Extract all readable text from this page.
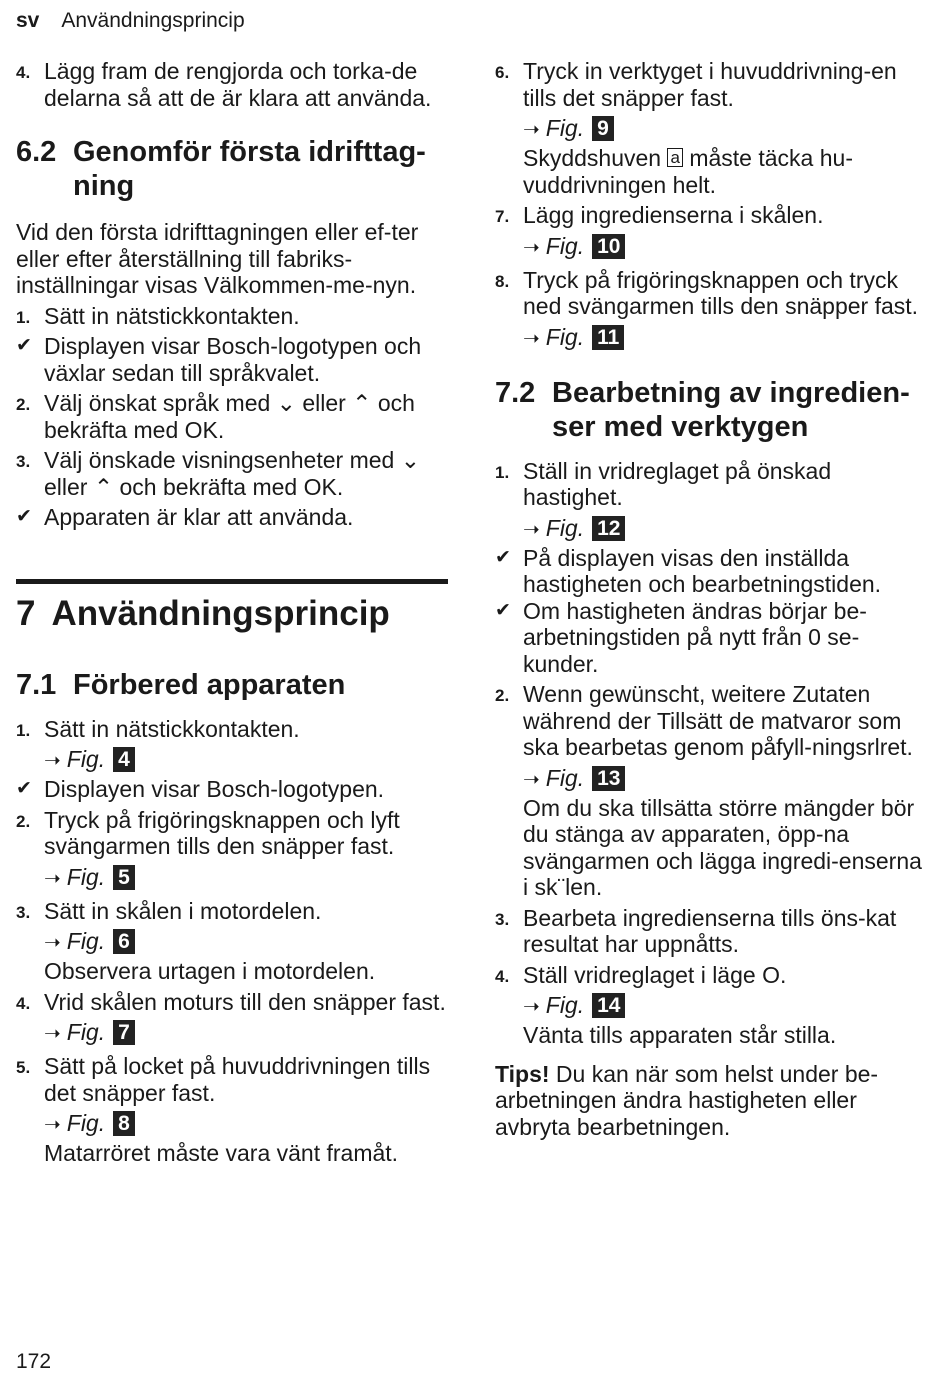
sv Användningsprincip
4. Lägg fram de rengjorda och torka-de delarna så att de är klara att använda.
6.2 Genomför första idrifttag-ning
Vid den första idrifttagningen eller ef-ter eller efter återställning till fabriks-inställningar visas Välkommen-me-nyn.
1. Sätt in nätstickkontakten.
✔ Displayen visar Bosch-logotypen och växlar sedan till språkvalet.
2. Välj önskat språk med ⌄ eller ⌃ och bekräfta med OK.
3. Välj önskade visningsenheter med ⌄ eller ⌃ och bekräfta med OK.
✔ Apparaten är klar att använda.
7 Användningsprincip
7.1 Förbered apparaten
1. Sätt in nätstickkontakten.
➝ Fig. 4
✔ Displayen visar Bosch-logotypen.
2. Tryck på frigöringsknappen och lyft svängarmen tills den snäpper fast.
➝ Fig. 5
3. Sätt in skålen i motordelen.
➝ Fig. 6
Observera urtagen i motordelen.
4. Vrid skålen moturs till den snäpper fast.
➝ Fig. 7
5. Sätt på locket på huvuddrivningen tills det snäpper fast.
➝ Fig. 8
Matarröret måste vara vänt framåt.
6. Tryck in verktyget i huvuddrivning-en tills det snäpper fast.
➝ Fig. 9
Skyddshuven a måste täcka hu-vuddrivningen helt.
7. Lägg ingredienserna i skålen.
➝ Fig. 10
8. Tryck på frigöringsknappen och tryck ned svängarmen tills den snäpper fast.
➝ Fig. 11
7.2 Bearbetning av ingredien-ser med verktygen
1. Ställ in vridreglaget på önskad hastighet.
➝ Fig. 12
✔ På displayen visas den inställda hastigheten och bearbetningstiden.
✔ Om hastigheten ändras börjar be-arbetningstiden på nytt från 0 se-kunder.
2. Wenn gewünscht, weitere Zutaten während der Tillsätt de matvaror som ska bearbetas genom påfyll-ningsrlret.
➝ Fig. 13
Om du ska tillsätta större mängder bör du stänga av apparaten, öpp-na svängarmen och lägga ingredi-enserna i sk¨len.
3. Bearbeta ingredienserna tills öns-kat resultat har uppnåtts.
4. Ställ vridreglaget i läge O.
➝ Fig. 14
Vänta tills apparaten står stilla.
Tips! Du kan när som helst under be-arbetningen ändra hastigheten eller avbryta bearbetningen.
172
